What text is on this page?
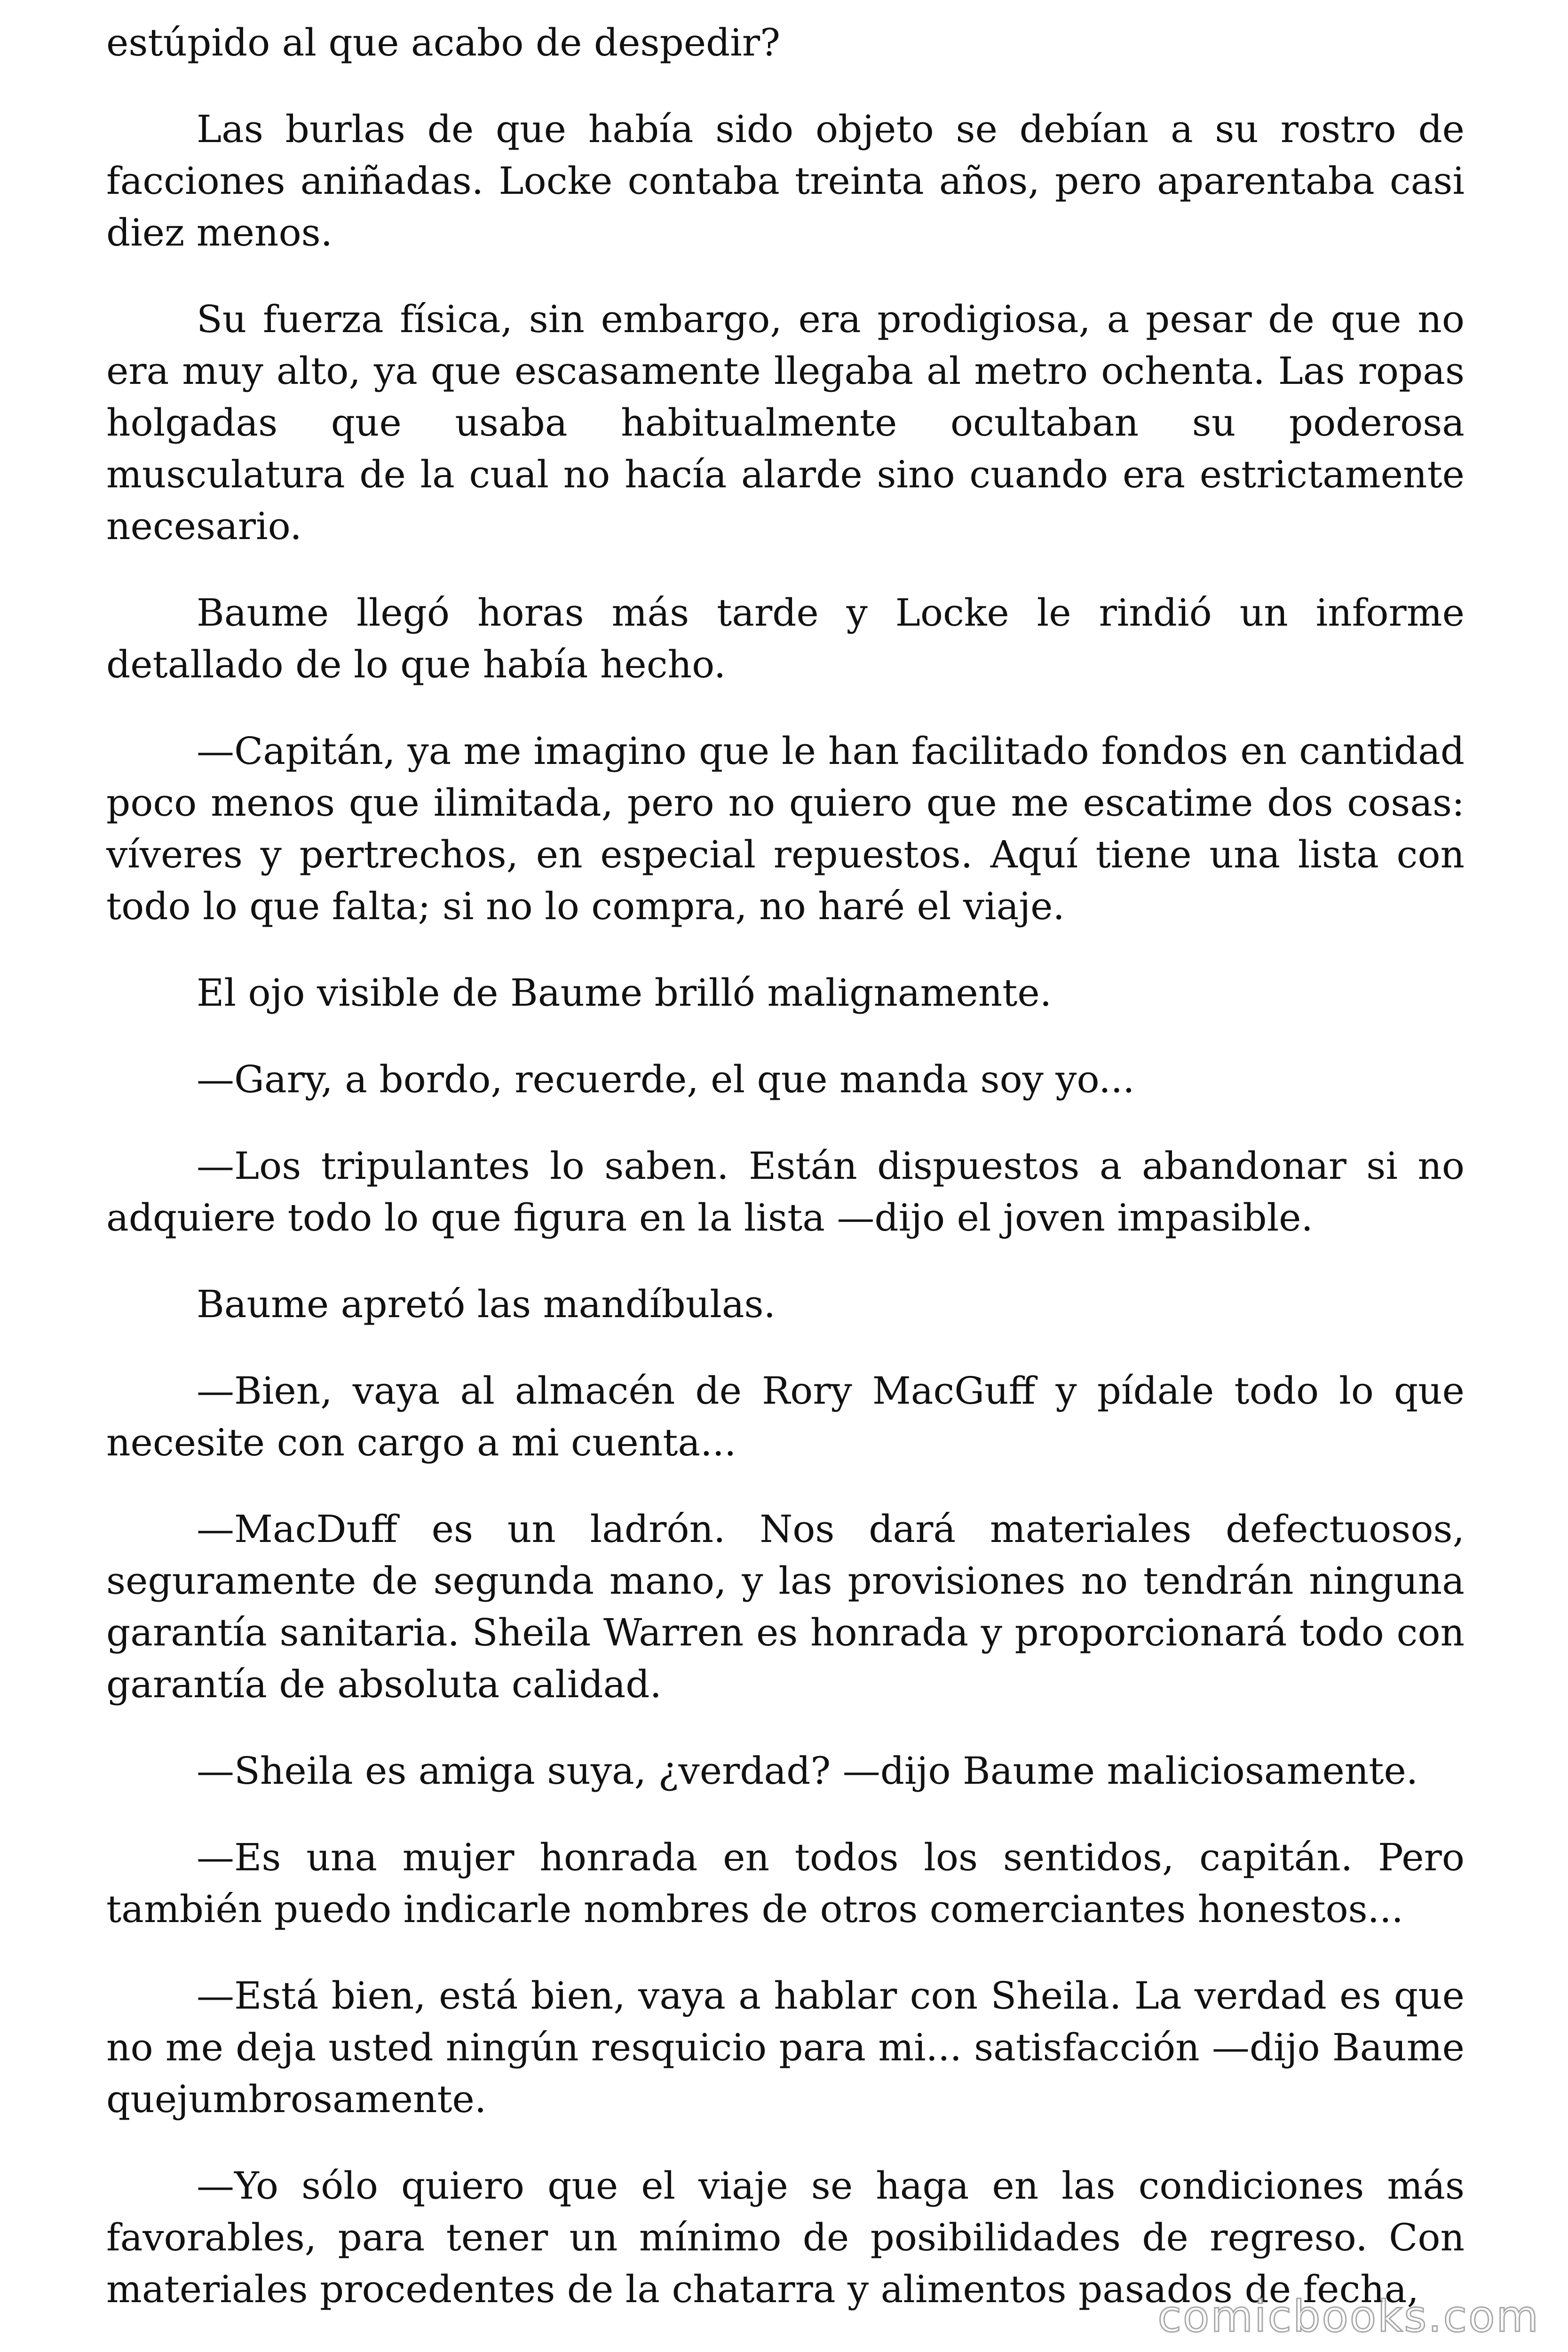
estúpido al que acabo de despedir?

Las burlas de que había sido objeto se debían a su rostro de facciones aniñadas. Locke contaba treinta años, pero aparentaba casi diez menos.

Su fuerza física, sin embargo, era prodigiosa, a pesar de que no era muy alto, ya que escasamente llegaba al metro ochenta. Las ropas holgadas que usaba habitualmente ocultaban su poderosa musculatura de la cual no hacía alarde sino cuando era estrictamente necesario.

Baume llegó horas más tarde y Locke le rindió un informe detallado de lo que había hecho.

—Capitán, ya me imagino que le han facilitado fondos en cantidad poco menos que ilimitada, pero no quiero que me escatime dos cosas: víveres y pertrechos, en especial repuestos. Aquí tiene una lista con todo lo que falta; si no lo compra, no haré el viaje.

El ojo visible de Baume brilló malignamente.

—Gary, a bordo, recuerde, el que manda soy yo...

—Los tripulantes lo saben. Están dispuestos a abandonar si no adquiere todo lo que figura en la lista —dijo el joven impasible.

Baume apretó las mandíbulas.

—Bien, vaya al almacén de Rory MacGuff y pídale todo lo que necesite con cargo a mi cuenta...

—MacDuff es un ladrón. Nos dará materiales defectuosos, seguramente de segunda mano, y las provisiones no tendrán ninguna garantía sanitaria. Sheila Warren es honrada y proporcionará todo con garantía de absoluta calidad.

—Sheila es amiga suya, ¿verdad? —dijo Baume maliciosamente.

—Es una mujer honrada en todos los sentidos, capitán. Pero también puedo indicarle nombres de otros comerciantes honestos...

—Está bien, está bien, vaya a hablar con Sheila. La verdad es que no me deja usted ningún resquicio para mi... satisfacción —dijo Baume quejumbrosamente.

—Yo sólo quiero que el viaje se haga en las condiciones más favorables, para tener un mínimo de posibilidades de regreso. Con materiales procedentes de la chatarra y alimentos pasados de fecha,

comicbooks.com
